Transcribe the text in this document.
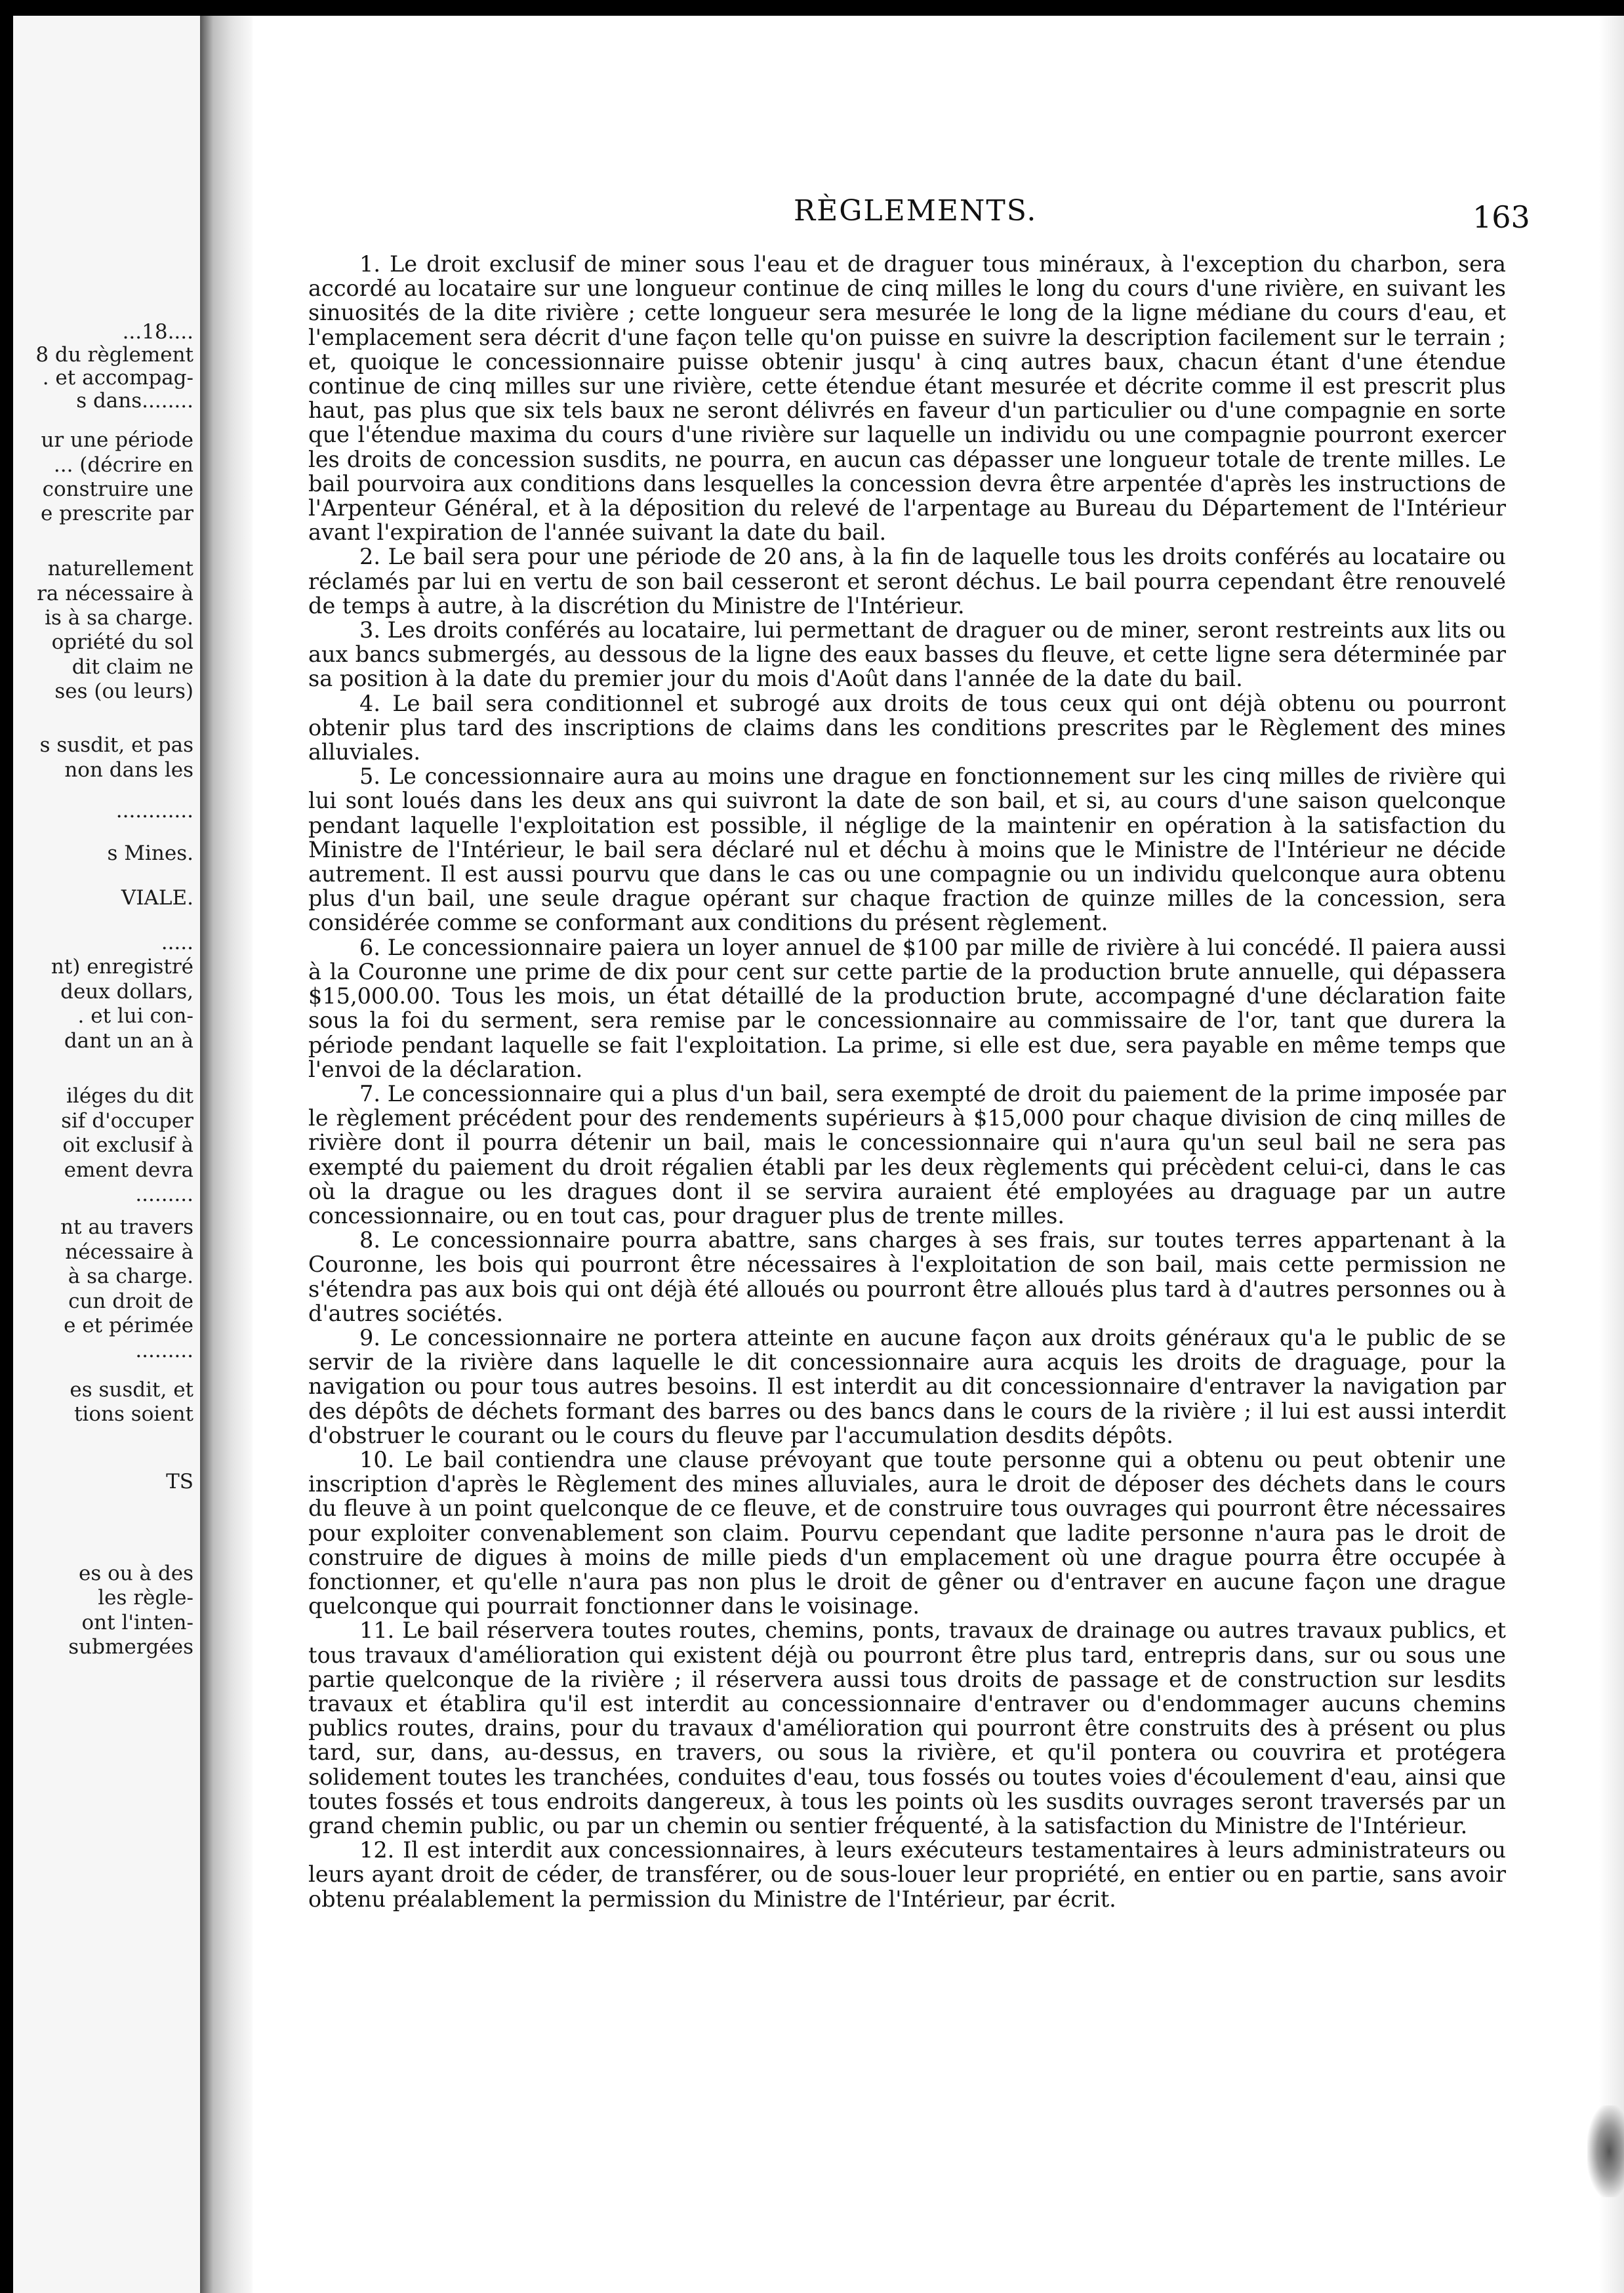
...18....
8 du règlement
. et accompag-
s dans........
ur une période
... (décrire en
construire une
e prescrite par
naturellement
ra nécessaire à
is à sa charge.
opriété du sol
dit claim ne
ses (ou leurs)
s susdit, et pas
non dans les
............
s Mines.
VIALE.
.....
nt) enregistré
deux dollars,
. et lui con-
dant un an à
iléges du dit
sif d'occuper
oit exclusif à
ement devra
.........
nt au travers
nécessaire à
à sa charge.
cun droit de
e et périmée
.........
es susdit, et
tions soient
TS
es ou à des
les règle-
ont l'inten-
submergées
RÈGLEMENTS.	163

1. Le droit exclusif de miner sous l'eau et de draguer tous minéraux, à l'exception du charbon, sera accordé au locataire sur une longueur continue de cinq milles le long du cours d'une rivière, en suivant les sinuosités de la dite rivière ; cette longueur sera mesurée le long de la ligne médiane du cours d'eau, et l'emplacement sera décrit d'une façon telle qu'on puisse en suivre la description facilement sur le terrain ; et, quoique le concessionnaire puisse obtenir jusqu' à cinq autres baux, chacun étant d'une étendue continue de cinq milles sur une rivière, cette étendue étant mesurée et décrite comme il est prescrit plus haut, pas plus que six tels baux ne seront délivrés en faveur d'un particulier ou d'une compagnie en sorte que l'étendue maxima du cours d'une rivière sur laquelle un individu ou une compagnie pourront exercer les droits de concession susdits, ne pourra, en aucun cas dépasser une longueur totale de trente milles. Le bail pourvoira aux conditions dans lesquelles la concession devra être arpentée d'après les instructions de l'Arpenteur Général, et à la déposition du relevé de l'arpentage au Bureau du Département de l'Intérieur avant l'expiration de l'année suivant la date du bail.

2. Le bail sera pour une période de 20 ans, à la fin de laquelle tous les droits conférés au locataire ou réclamés par lui en vertu de son bail cesseront et seront déchus. Le bail pourra cependant être renouvelé de temps à autre, à la discrétion du Ministre de l'Intérieur.

3. Les droits conférés au locataire, lui permettant de draguer ou de miner, seront restreints aux lits ou aux bancs submergés, au dessous de la ligne des eaux basses du fleuve, et cette ligne sera déterminée par sa position à la date du premier jour du mois d'Août dans l'année de la date du bail.

4. Le bail sera conditionnel et subrogé aux droits de tous ceux qui ont déjà obtenu ou pourront obtenir plus tard des inscriptions de claims dans les conditions prescrites par le Règlement des mines alluviales.

5. Le concessionnaire aura au moins une drague en fonctionnement sur les cinq milles de rivière qui lui sont loués dans les deux ans qui suivront la date de son bail, et si, au cours d'une saison quelconque pendant laquelle l'exploitation est possible, il néglige de la maintenir en opération à la satisfaction du Ministre de l'Intérieur, le bail sera déclaré nul et déchu à moins que le Ministre de l'Intérieur ne décide autrement. Il est aussi pourvu que dans le cas ou une compagnie ou un individu quelconque aura obtenu plus d'un bail, une seule drague opérant sur chaque fraction de quinze milles de la concession, sera considérée comme se conformant aux conditions du présent règlement.

6. Le concessionnaire paiera un loyer annuel de $100 par mille de rivière à lui concédé. Il paiera aussi à la Couronne une prime de dix pour cent sur cette partie de la production brute annuelle, qui dépassera $15,000.00. Tous les mois, un état détaillé de la production brute, accompagné d'une déclaration faite sous la foi du serment, sera remise par le concessionnaire au commissaire de l'or, tant que durera la période pendant laquelle se fait l'exploitation. La prime, si elle est due, sera payable en même temps que l'envoi de la déclaration.

7. Le concessionnaire qui a plus d'un bail, sera exempté de droit du paiement de la prime imposée par le règlement précédent pour des rendements supérieurs à $15,000 pour chaque division de cinq milles de rivière dont il pourra détenir un bail, mais le concessionnaire qui n'aura qu'un seul bail ne sera pas exempté du paiement du droit régalien établi par les deux règlements qui précèdent celui-ci, dans le cas où la drague ou les dragues dont il se servira auraient été employées au draguage par un autre concessionnaire, ou en tout cas, pour draguer plus de trente milles.

8. Le concessionnaire pourra abattre, sans charges à ses frais, sur toutes terres appartenant à la Couronne, les bois qui pourront être nécessaires à l'exploitation de son bail, mais cette permission ne s'étendra pas aux bois qui ont déjà été alloués ou pourront être alloués plus tard à d'autres personnes ou à d'autres sociétés.

9. Le concessionnaire ne portera atteinte en aucune façon aux droits généraux qu'a le public de se servir de la rivière dans laquelle le dit concessionnaire aura acquis les droits de draguage, pour la navigation ou pour tous autres besoins. Il est interdit au dit concessionnaire d'entraver la navigation par des dépôts de déchets formant des barres ou des bancs dans le cours de la rivière ; il lui est aussi interdit d'obstruer le courant ou le cours du fleuve par l'accumulation desdits dépôts.

10. Le bail contiendra une clause prévoyant que toute personne qui a obtenu ou peut obtenir une inscription d'après le Règlement des mines alluviales, aura le droit de déposer des déchets dans le cours du fleuve à un point quelconque de ce fleuve, et de construire tous ouvrages qui pourront être nécessaires pour exploiter convenablement son claim. Pourvu cependant que ladite personne n'aura pas le droit de construire de digues à moins de mille pieds d'un emplacement où une drague pourra être occupée à fonctionner, et qu'elle n'aura pas non plus le droit de gêner ou d'entraver en aucune façon une drague quelconque qui pourrait fonctionner dans le voisinage.

11. Le bail réservera toutes routes, chemins, ponts, travaux de drainage ou autres travaux publics, et tous travaux d'amélioration qui existent déjà ou pourront être plus tard, entrepris dans, sur ou sous une partie quelconque de la rivière ; il réservera aussi tous droits de passage et de construction sur lesdits travaux et établira qu'il est interdit au concessionnaire d'entraver ou d'endommager aucuns chemins publics routes, drains, pour du travaux d'amélioration qui pourront être construits des à présent ou plus tard, sur, dans, au-dessus, en travers, ou sous la rivière, et qu'il pontera ou couvrira et protégera solidement toutes les tranchées, conduites d'eau, tous fossés ou toutes voies d'écoulement d'eau, ainsi que toutes fossés et tous endroits dangereux, à tous les points où les susdits ouvrages seront traversés par un grand chemin public, ou par un chemin ou sentier fréquenté, à la satisfaction du Ministre de l'Intérieur.

12. Il est interdit aux concessionnaires, à leurs exécuteurs testamentaires à leurs administrateurs ou leurs ayant droit de céder, de transférer, ou de sous-louer leur propriété, en entier ou en partie, sans avoir obtenu préalablement la permission du Ministre de l'Intérieur, par écrit.
